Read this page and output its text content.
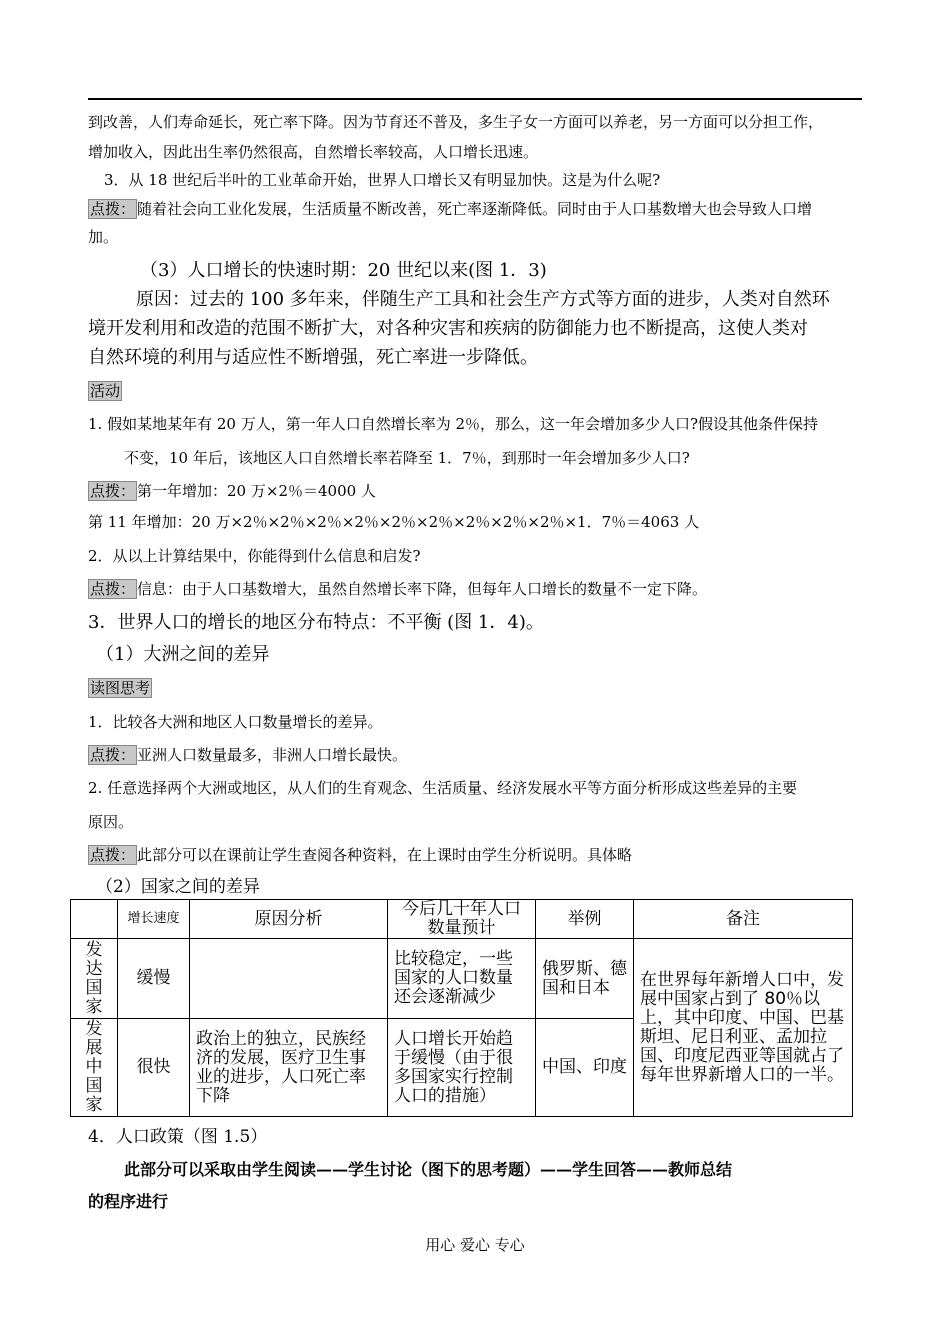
到改善，人们寿命延长，死亡率下降。因为节育还不普及，多生子女一方面可以养老，另一方面可以分担工作，
增加收入，因此出生率仍然很高，自然增长率较高，人口增长迅速。
3．从 18 世纪后半叶的工业革命开始，世界人口增长又有明显加快。这是为什么呢?
点拨： 随着社会向工业化发展，生活质量不断改善，死亡率逐渐降低。同时由于人口基数增大也会导致人口增
加。
（3）人口增长的快速时期：20 世纪以来(图 1．3)
原因：过去的 100 多年来，伴随生产工具和社会生产方式等方面的进步，人类对自然环
境开发利用和改造的范围不断扩大，对各种灾害和疾病的防御能力也不断提高，这使人类对
自然环境的利用与适应性不断增强，死亡率进一步降低。
活动
1. 假如某地某年有 20 万人，第一年人口自然增长率为 2％，那么，这一年会增加多少人口?假设其他条件保持
不变，10 年后，该地区人口自然增长率若降至 1．7％，到那时一年会增加多少人口?
点拨： 第一年增加：20 万×2％＝4000 人
第 11 年增加：20 万×2％×2％×2％×2％×2％×2％×2％×2％×2％×1．7％＝4063 人
2．从以上计算结果中，你能得到什么信息和启发?
点拨： 信息：由于人口基数增大，虽然自然增长率下降，但每年人口增长的数量不一定下降。
3．世界人口的增长的地区分布特点：不平衡 (图 1．4)。
（1）大洲之间的差异
读图思考
1．比较各大洲和地区人口数量增长的差异。
点拨： 亚洲人口数量最多，非洲人口增长最快。
2. 任意选择两个大洲或地区，从人们的生育观念、生活质量、经济发展水平等方面分析形成这些差异的主要
原因。
点拨： 此部分可以在课前让学生查阅各种资料，在上课时由学生分析说明。具体略
（2）国家之间的差异
	增长速度	原因分析	今后几十年人口数量预计	举例	备注

发达国家	缓慢		比较稳定，一些国家的人口数量还会逐渐减少	俄罗斯、德国和日本	在世界每年新增人口中，发展中国家占到了 80％以上，其中印度、中国、巴基斯坦、尼日利亚、孟加拉国、印度尼西亚等国就占了每年世界新增人口的一半。

发展中国家	很快	政治上的独立，民族经济的发展，医疗卫生事业的进步，人口死亡率下降	人口增长开始趋于缓慢（由于很多国家实行控制人口的措施）	中国、印度	
4．人口政策（图 1.5）
此部分可以采取由学生阅读——学生讨论（图下的思考题）——学生回答——教师总结
的程序进行
用心 爱心 专心
